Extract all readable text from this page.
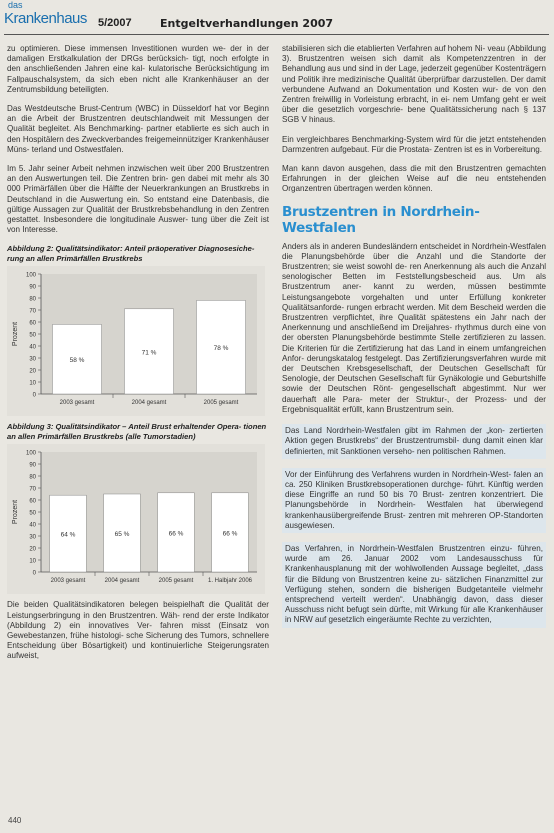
das
Krankenhaus 5/2007	Entgeltverhandlungen 2007

zu optimieren. Diese immensen Investitionen wurden we- der in der damaligen Erstkalkulation der DRGs berücksich- tigt, noch erfolgte in den anschließenden Jahren eine kal- kulatorische Berücksichtigung im Fallpauschalsystem, da sich eben nicht alle Krankenhäuser an der Zentrumsbildung beteiligten.

Das Westdeutsche Brust-Centrum (WBC) in Düsseldorf hat vor Beginn an die Arbeit der Brustzentren deutschlandweit mit Messungen der Qualität begleitet. Als Benchmarking- partner etablierte es sich auch in den Hospitälern des Zweckverbandes freigemeinnütziger Krankenhäuser Müns- terland und Ostwestfalen.

Im 5. Jahr seiner Arbeit nehmen inzwischen weit über 200 Brustzentren an den Auswertungen teil. Die Zentren brin- gen dabei mit mehr als 30 000 Primärfällen über die Hälfte der Neuerkrankungen an Brustkrebs in Deutschland in die Auswertung ein. So entstand eine Datenbasis, die gültige Aussagen zur Qualität der Brustkrebsbehandlung in den Zentren gestattet. Insbesondere die longitudinale Auswer- tung über die Zeit ist von Interesse.

Abbildung 2: Qualitätsindikator: Anteil präoperativer Diagnosesiche- rung an allen Primärfällen Brustkrebs
0
10
20
30
40
50
60
70
80
90
100
Prozent
58 %
2003 gesamt
71 %
2004 gesamt
78 %
2005 gesamt
Abbildung 3: Qualitätsindikator – Anteil Brust erhaltender Opera- tionen an allen Primärfällen Brustkrebs (alle Tumorstadien)
0
10
20
30
40
50
60
70
80
90
100
Prozent
64 %
2003 gesamt
65 %
2004 gesamt
66 %
2005 gesamt
66 %
1. Halbjahr 2006

Die beiden Qualitätsindikatoren belegen beispielhaft die Qualität der Leistungserbringung in den Brustzentren. Wäh- rend der erste Indikator (Abbildung 2) ein innovatives Ver- fahren misst (Einsatz von Gewebestanzen, frühe histologi- sche Sicherung des Tumors, schnellere Entscheidung über Bösartigkeit) und kontinuierliche Steigerungsraten aufweist,

stabilisieren sich die etablierten Verfahren auf hohem Ni- veau (Abbildung 3). Brustzentren weisen sich damit als Kompetenzzentren in der Behandlung aus und sind in der Lage, jederzeit gegenüber Kostenträgern und Politik ihre medizinische Qualität überprüfbar darzustellen. Der damit verbundene Aufwand an Dokumentation und Kosten wur- de von den Zentren freiwillig in Vorleistung erbracht, in ei- nem Umfang geht er weit über die gesetzlich vorgeschrie- bene Qualitätssicherung nach § 137 SGB V hinaus.

Ein vergleichbares Benchmarking-System wird für die jetzt entstehenden Darmzentren aufgebaut. Für die Prostata- Zentren ist es in Vorbereitung.

Man kann davon ausgehen, dass die mit den Brustzentren gemachten Erfahrungen in der gleichen Weise auf die neu entstehenden Organzentren übertragen werden können.

Brustzentren in Nordrhein-Westfalen

Anders als in anderen Bundesländern entscheidet in Nordrhein-Westfalen die Planungsbehörde über die Anzahl und die Standorte der Brustzentren; sie weist sowohl de- ren Anerkennung als auch die Anzahl senologischer Betten im Feststellungsbescheid aus. Um als Brustzentrum aner- kannt zu werden, müssen bestimmte Leistungsangebote vorgehalten und unter Erfüllung konkreter Qualitätsanforde- rungen erbracht werden. Mit dem Bescheid werden die Brustzentren verpflichtet, ihre Qualität spätestens ein Jahr nach der Anerkennung und anschließend im Dreijahres- rhythmus durch eine von der obersten Planungsbehörde bestimmte Stelle zertifizieren zu lassen. Die Kriterien für die Zertifizierung hat das Land in einem umfangreichen Anfor- derungskatalog festgelegt. Das Zertifizierungsverfahren wurde mit der Deutschen Krebsgesellschaft, der Deutschen Gesellschaft für Senologie, der Deutschen Gesellschaft für Gynäkologie und Geburtshilfe sowie der Deutschen Rönt- gengesellschaft abgestimmt. Nur wer dauerhaft alle Para- meter der Struktur-, der Prozess- und der Ergebnisqualität erfüllt, kann Brustzentrum sein.

Das Land Nordrhein-Westfalen gibt im Rahmen der „kon- zertierten Aktion gegen Brustkrebs“ der Brustzentrumsbil- dung damit einen klar definierten, mit Sanktionen verseho- nen politischen Rahmen.

Vor der Einführung des Verfahrens wurden in Nordrhein-West- falen an ca. 250 Kliniken Brustkrebsoperationen durchge- führt. Künftig werden diese Eingriffe an rund 50 bis 70 Brust- zentren konzentriert. Die Planungsbehörde in Nordrhein- Westfalen hat überwiegend krankenhausübergreifende Brust- zentren mit mehreren OP-Standorten ausgewiesen.

Das Verfahren, in Nordrhein-Westfalen Brustzentren einzu- führen, wurde am 26. Januar 2002 vom Landesausschuss für Krankenhausplanung mit der wohlwollenden Aussage begleitet, „dass für die Bildung von Brustzentren keine zu- sätzlichen Finanzmittel zur Verfügung stehen, sondern die bisherigen Budgetanteile vielmehr entsprechend verteilt werden“. Unabhängig davon, dass dieser Ausschuss nicht befugt sein dürfte, mit Wirkung für alle Krankenhäuser in NRW auf gesetzlich eingeräumte Rechte zu verzichten,

440
